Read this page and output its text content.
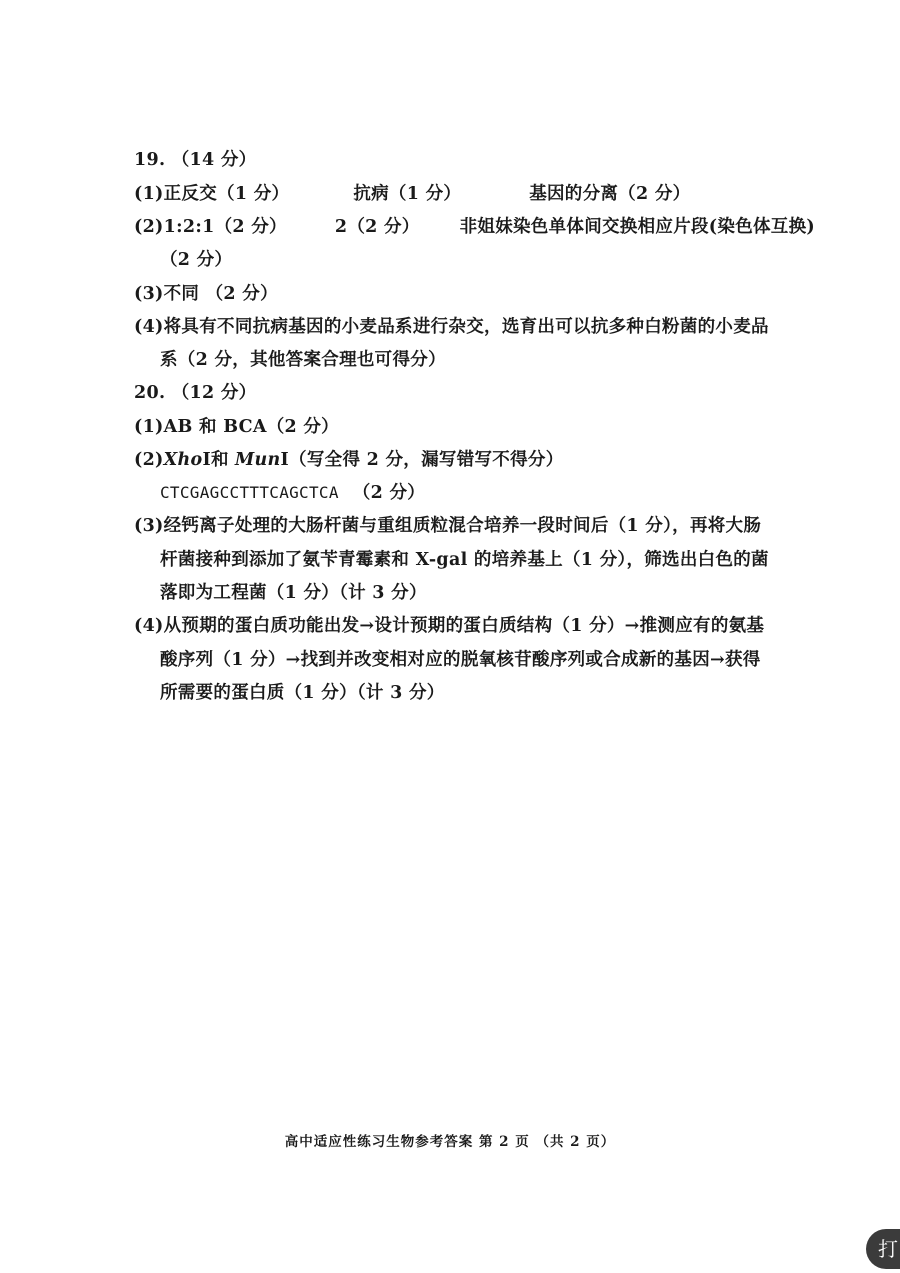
19. （14 分）
(1)正反交（1 分）	抗病（1 分）	基因的分离（2 分）
(2)1:2:1（2 分）	2（2 分） 非姐妹染色单体间交换相应片段(染色体互换)
（2 分）
(3)不同 （2 分）
(4)将具有不同抗病基因的小麦品系进行杂交，选育出可以抗多种白粉菌的小麦品
系（2 分，其他答案合理也可得分）
20. （12 分）
(1)AB 和 BCA（2 分）
(2)XhoⅠ和 MunⅠ（写全得 2 分，漏写错写不得分）
CTCGAGCCTTTCAGCTCA （2 分）
(3)经钙离子处理的大肠杆菌与重组质粒混合培养一段时间后（1 分），再将大肠
杆菌接种到添加了氨苄青霉素和 X-gal 的培养基上（1 分），筛选出白色的菌
落即为工程菌（1 分）（计 3 分）
(4)从预期的蛋白质功能出发→设计预期的蛋白质结构（1 分）→推测应有的氨基
酸序列（1 分）→找到并改变相对应的脱氧核苷酸序列或合成新的基因→获得
所需要的蛋白质（1 分）（计 3 分）
高中适应性练习生物参考答案 第 2 页 （共 2 页）
打
